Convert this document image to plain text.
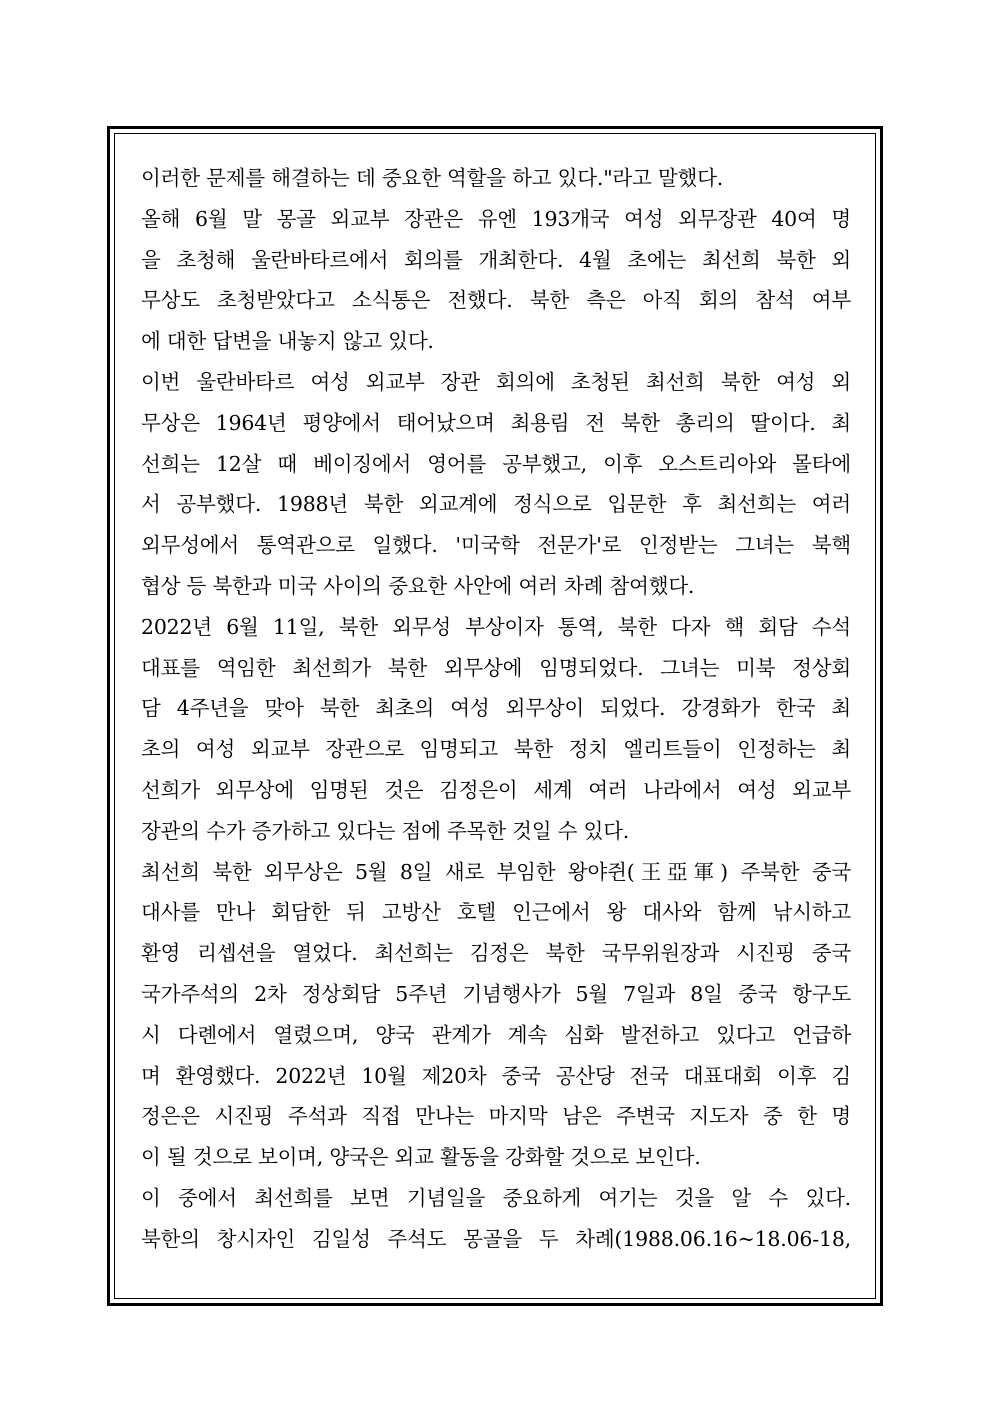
이러한 문제를 해결하는 데 중요한 역할을 하고 있다."라고 말했다.
올해 6월 말 몽골 외교부 장관은 유엔 193개국 여성 외무장관 40여 명
을 초청해 울란바타르에서 회의를 개최한다. 4월 초에는 최선희 북한 외
무상도 초청받았다고 소식통은 전했다. 북한 측은 아직 회의 참석 여부
에 대한 답변을 내놓지 않고 있다.
이번 울란바타르 여성 외교부 장관 회의에 초청된 최선희 북한 여성 외
무상은 1964년 평양에서 태어났으며 최용림 전 북한 총리의 딸이다. 최
선희는 12살 때 베이징에서 영어를 공부했고, 이후 오스트리아와 몰타에
서 공부했다. 1988년 북한 외교계에 정식으로 입문한 후 최선희는 여러
외무성에서 통역관으로 일했다. '미국학 전문가'로 인정받는 그녀는 북핵
협상 등 북한과 미국 사이의 중요한 사안에 여러 차례 참여했다.
2022년 6월 11일, 북한 외무성 부상이자 통역, 북한 다자 핵 회담 수석
대표를 역임한 최선희가 북한 외무상에 임명되었다. 그녀는 미북 정상회
담 4주년을 맞아 북한 최초의 여성 외무상이 되었다. 강경화가 한국 최
초의 여성 외교부 장관으로 임명되고 북한 정치 엘리트들이 인정하는 최
선희가 외무상에 임명된 것은 김정은이 세계 여러 나라에서 여성 외교부
장관의 수가 증가하고 있다는 점에 주목한 것일 수 있다.
최선희 북한 외무상은 5월 8일 새로 부임한 왕야쥔(王亞軍) 주북한 중국
대사를 만나 회담한 뒤 고방산 호텔 인근에서 왕 대사와 함께 낚시하고
환영 리셉션을 열었다. 최선희는 김정은 북한 국무위원장과 시진핑 중국
국가주석의 2차 정상회담 5주년 기념행사가 5월 7일과 8일 중국 항구도
시 다롄에서 열렸으며, 양국 관계가 계속 심화 발전하고 있다고 언급하
며 환영했다. 2022년 10월 제20차 중국 공산당 전국 대표대회 이후 김
정은은 시진핑 주석과 직접 만나는 마지막 남은 주변국 지도자 중 한 명
이 될 것으로 보이며, 양국은 외교 활동을 강화할 것으로 보인다.
이 중에서 최선희를 보면 기념일을 중요하게 여기는 것을 알 수 있다.
북한의 창시자인 김일성 주석도 몽골을 두 차례(1988.06.16~18.06-18,
